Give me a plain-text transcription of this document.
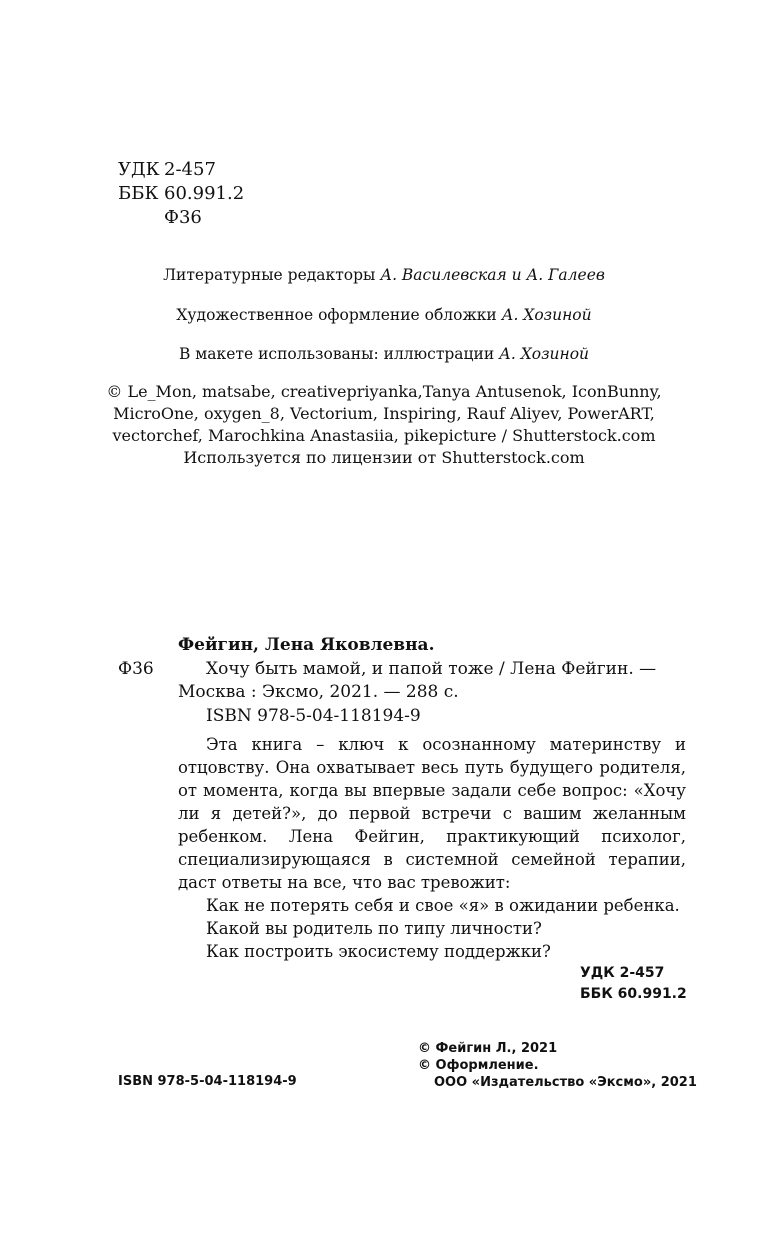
УДК 2-457
ББК 60.991.2
Ф36
Литературные редакторы А. Василевская и А. Галеев
Художественное оформление обложки А. Хозиной
В макете использованы: иллюстрации А. Хозиной
© Le_Mon, matsabe, creativepriyanka,Tanya Antusenok, IconBunny,
MicroOne, oxygen_8, Vectorium, Inspiring, Rauf Aliyev, PowerART,
vectorchef, Marochkina Anastasiia, pikepicture / Shutterstock.com
Используется по лицензии от Shutterstock.com
Фейгин, Лена Яковлевна.
Ф36	Хочу быть мамой, и папой тоже / Лена Фейгин. —
Москва : Эксмо, 2021. — 288 с.
ISBN 978-5-04-118194-9
Эта книга – ключ к осознанному материнству и отцовству. Она охватывает весь путь будущего родителя, от момента, когда вы впервые задали себе вопрос: «Хочу ли я детей?», до первой встречи с вашим желанным ребенком. Лена Фейгин, практикующий психолог, специализирующаяся в системной семейной терапии, даст ответы на все, что вас тревожит:
Как не потерять себя и свое «я» в ожидании ребенка.
Какой вы родитель по типу личности?
Как построить экосистему поддержки?
УДК 2-457
ББК 60.991.2
© Фейгин Л., 2021
© Оформление.
ООО «Издательство «Эксмо», 2021
ISBN 978-5-04-118194-9
